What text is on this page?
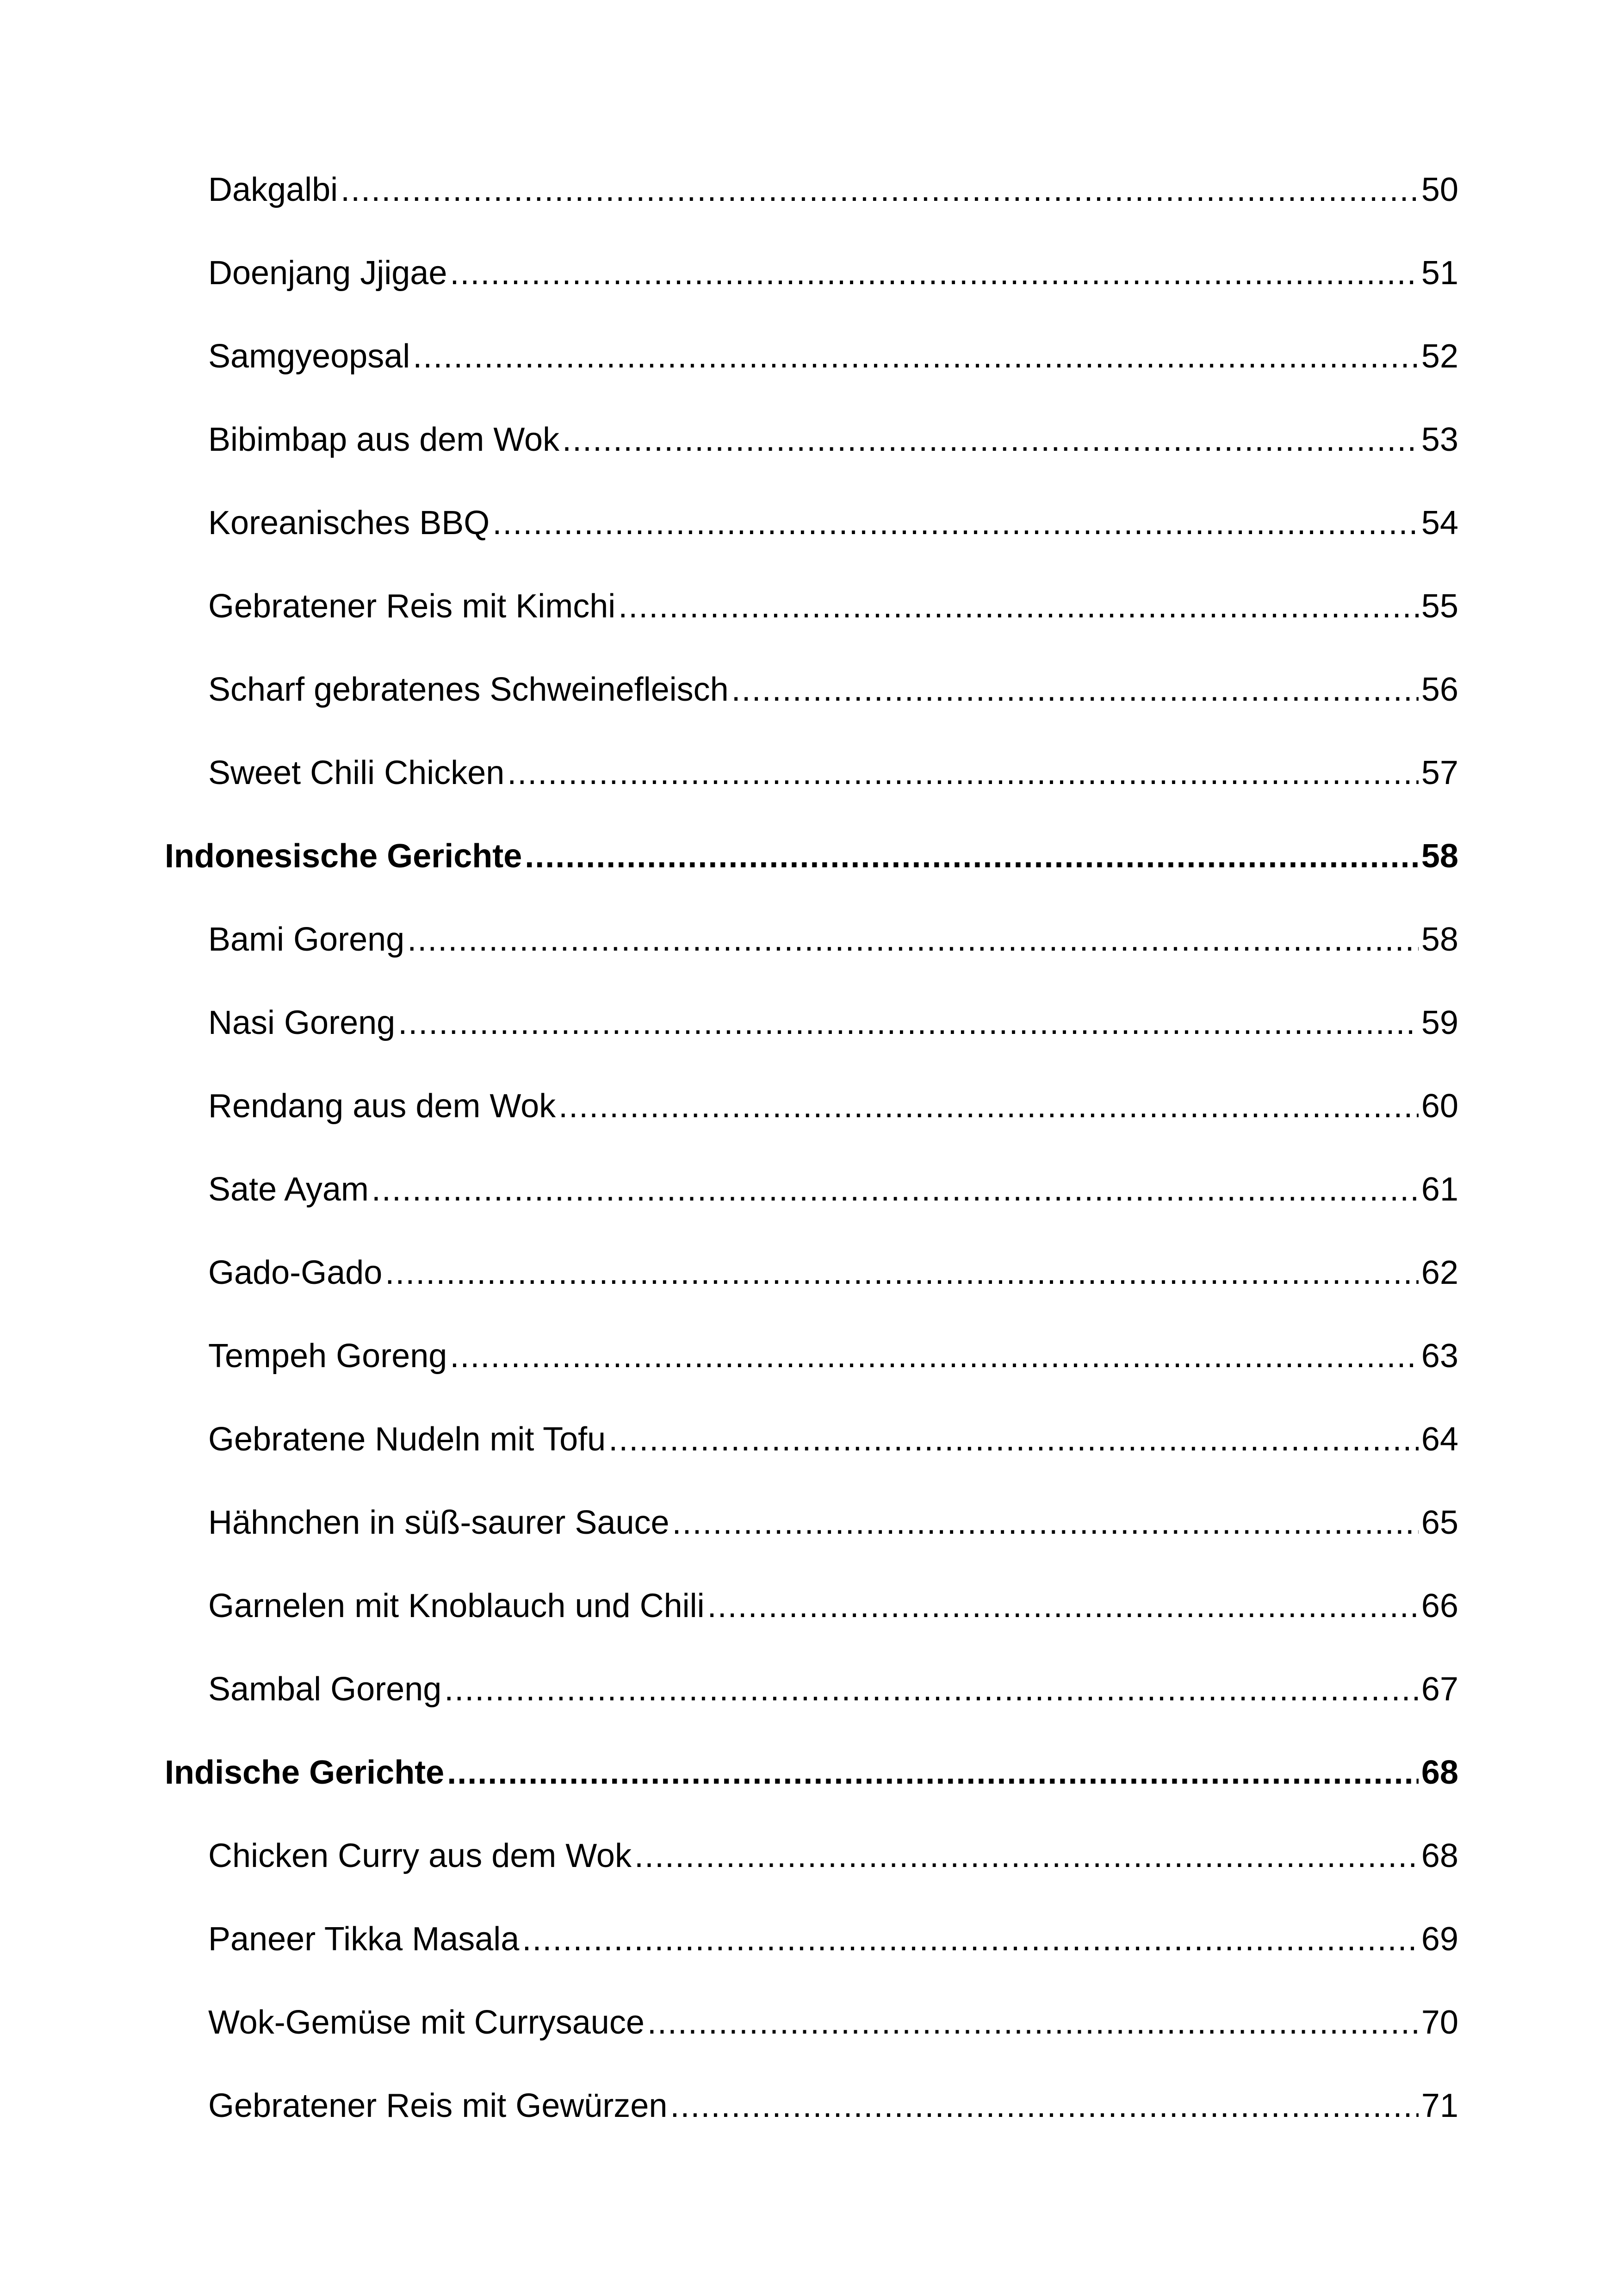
Dakgalbi .....	50
Doenjang Jjigae .....	51
Samgyeopsal .....	52
Bibimbap aus dem Wok .....	53
Koreanisches BBQ .....	54
Gebratener Reis mit Kimchi .....	55
Scharf gebratenes Schweinefleisch .....	56
Sweet Chili Chicken .....	57
Indonesische Gerichte .....	58
Bami Goreng .....	58
Nasi Goreng .....	59
Rendang aus dem Wok .....	60
Sate Ayam .....	61
Gado-Gado .....	62
Tempeh Goreng .....	63
Gebratene Nudeln mit Tofu .....	64
Hähnchen in süß-saurer Sauce .....	65
Garnelen mit Knoblauch und Chili .....	66
Sambal Goreng .....	67
Indische Gerichte .....	68
Chicken Curry aus dem Wok .....	68
Paneer Tikka Masala .....	69
Wok-Gemüse mit Currysauce .....	70
Gebratener Reis mit Gewürzen .....	71
